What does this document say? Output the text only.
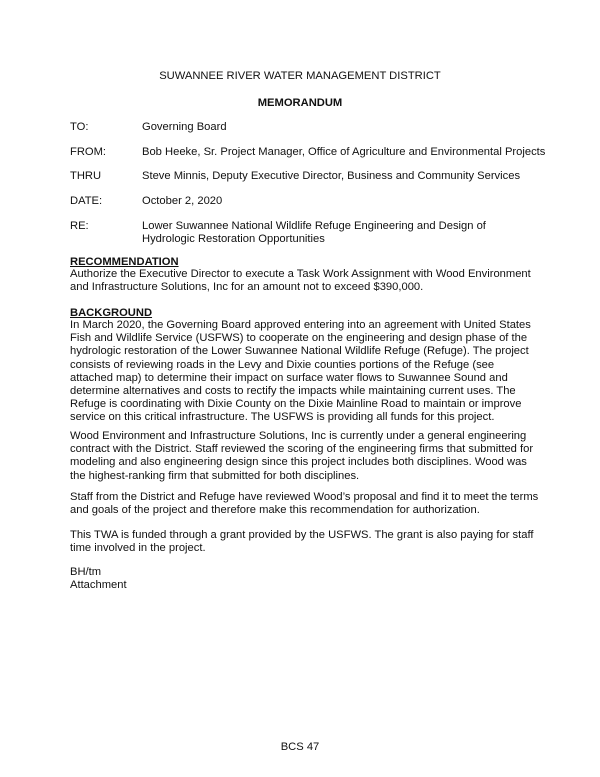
SUWANNEE RIVER WATER MANAGEMENT DISTRICT
MEMORANDUM
TO:	Governing Board
FROM:	Bob Heeke, Sr. Project Manager, Office of Agriculture and Environmental Projects
THRU	Steve Minnis, Deputy Executive Director, Business and Community Services
DATE:	October 2, 2020
RE:	Lower Suwannee National Wildlife Refuge Engineering and Design of Hydrologic Restoration Opportunities
RECOMMENDATION

Authorize the Executive Director to execute a Task Work Assignment with Wood Environment and Infrastructure Solutions, Inc for an amount not to exceed $390,000.

BACKGROUND

In March 2020, the Governing Board approved entering into an agreement with United States Fish and Wildlife Service (USFWS) to cooperate on the engineering and design phase of the hydrologic restoration of the Lower Suwannee National Wildlife Refuge (Refuge). The project consists of reviewing roads in the Levy and Dixie counties portions of the Refuge (see attached map) to determine their impact on surface water flows to Suwannee Sound and determine alternatives and costs to rectify the impacts while maintaining current uses. The Refuge is coordinating with Dixie County on the Dixie Mainline Road to maintain or improve service on this critical infrastructure. The USFWS is providing all funds for this project.

Wood Environment and Infrastructure Solutions, Inc is currently under a general engineering contract with the District. Staff reviewed the scoring of the engineering firms that submitted for modeling and also engineering design since this project includes both disciplines. Wood was the highest-ranking firm that submitted for both disciplines.

Staff from the District and Refuge have reviewed Wood’s proposal and find it to meet the terms and goals of the project and therefore make this recommendation for authorization.

This TWA is funded through a grant provided by the USFWS. The grant is also paying for staff time involved in the project.

BH/tm
Attachment
BCS 47
